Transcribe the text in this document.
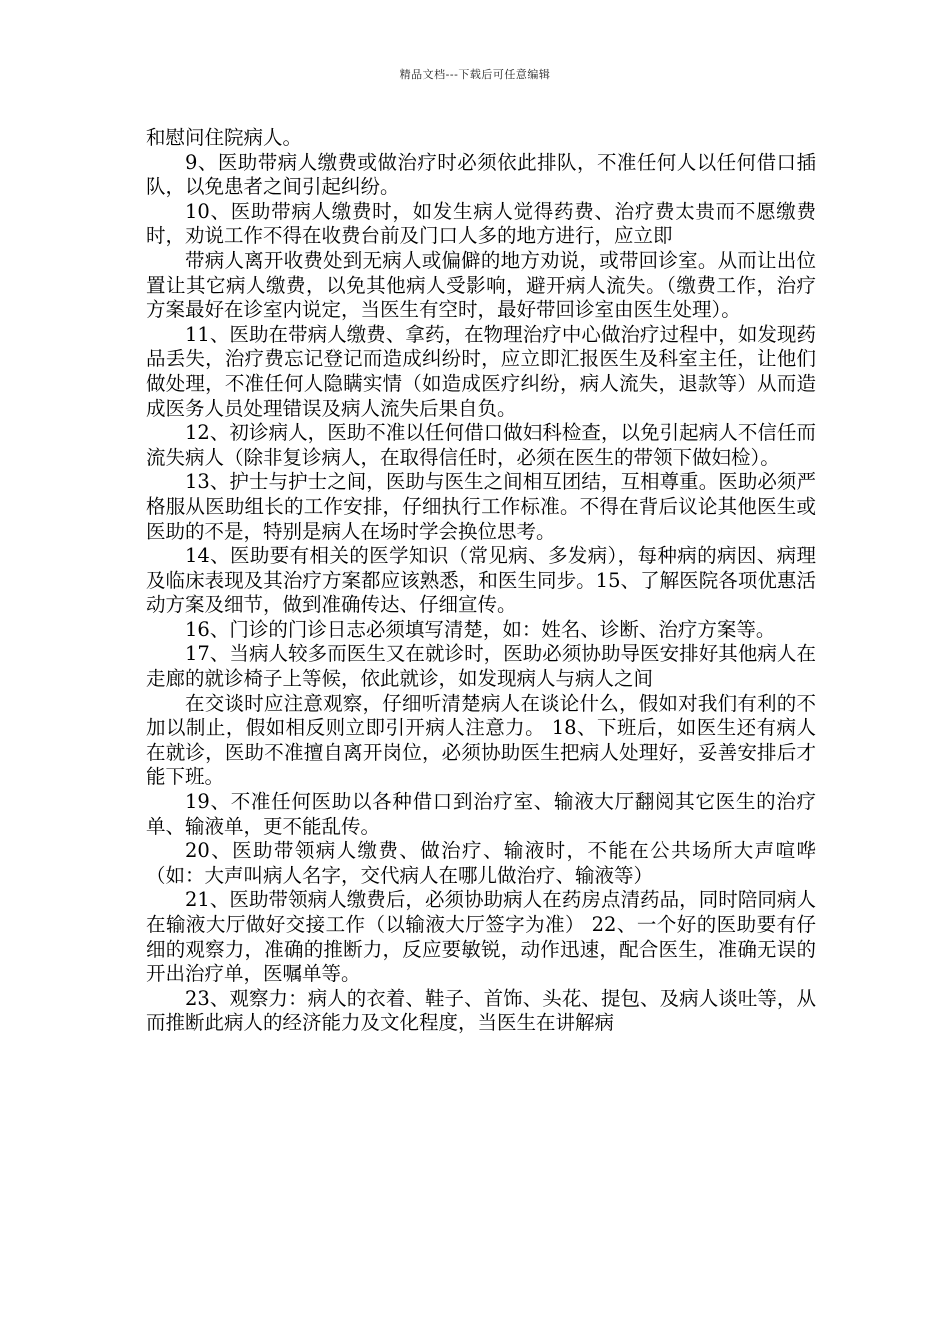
精品文档---下载后可任意编辑

和慰问住院病人。

9、医助带病人缴费或做治疗时必须依此排队，不准任何人以任何借口插队，以免患者之间引起纠纷。

10、医助带病人缴费时，如发生病人觉得药费、治疗费太贵而不愿缴费时，劝说工作不得在收费台前及门口人多的地方进行，应立即

带病人离开收费处到无病人或偏僻的地方劝说，或带回诊室。从而让出位置让其它病人缴费，以免其他病人受影响，避开病人流失。（缴费工作，治疗方案最好在诊室内说定，当医生有空时，最好带回诊室由医生处理）。

11、医助在带病人缴费、拿药，在物理治疗中心做治疗过程中，如发现药品丢失，治疗费忘记登记而造成纠纷时，应立即汇报医生及科室主任，让他们做处理，不准任何人隐瞒实情（如造成医疗纠纷，病人流失，退款等）从而造成医务人员处理错误及病人流失后果自负。

12、初诊病人，医助不准以任何借口做妇科检查，以免引起病人不信任而流失病人（除非复诊病人，在取得信任时，必须在医生的带领下做妇检）。

13、护士与护士之间，医助与医生之间相互团结，互相尊重。医助必须严格服从医助组长的工作安排，仔细执行工作标准。不得在背后议论其他医生或医助的不是，特别是病人在场时学会换位思考。

14、医助要有相关的医学知识（常见病、多发病），每种病的病因、病理及临床表现及其治疗方案都应该熟悉，和医生同步。15、了解医院各项优惠活动方案及细节，做到准确传达、仔细宣传。

16、门诊的门诊日志必须填写清楚，如：姓名、诊断、治疗方案等。

17、当病人较多而医生又在就诊时，医助必须协助导医安排好其他病人在走廊的就诊椅子上等候，依此就诊，如发现病人与病人之间

在交谈时应注意观察，仔细听清楚病人在谈论什么，假如对我们有利的不加以制止，假如相反则立即引开病人注意力。 18、下班后，如医生还有病人在就诊，医助不准擅自离开岗位，必须协助医生把病人处理好，妥善安排后才能下班。

19、不准任何医助以各种借口到治疗室、输液大厅翻阅其它医生的治疗单、输液单，更不能乱传。

20、医助带领病人缴费、做治疗、输液时，不能在公共场所大声喧哗（如：大声叫病人名字，交代病人在哪儿做治疗、输液等）

21、医助带领病人缴费后，必须协助病人在药房点清药品，同时陪同病人在输液大厅做好交接工作（以输液大厅签字为准） 22、一个好的医助要有仔细的观察力，准确的推断力，反应要敏锐，动作迅速，配合医生，准确无误的开出治疗单，医嘱单等。

23、观察力：病人的衣着、鞋子、首饰、头花、提包、及病人谈吐等，从而推断此病人的经济能力及文化程度，当医生在讲解病
